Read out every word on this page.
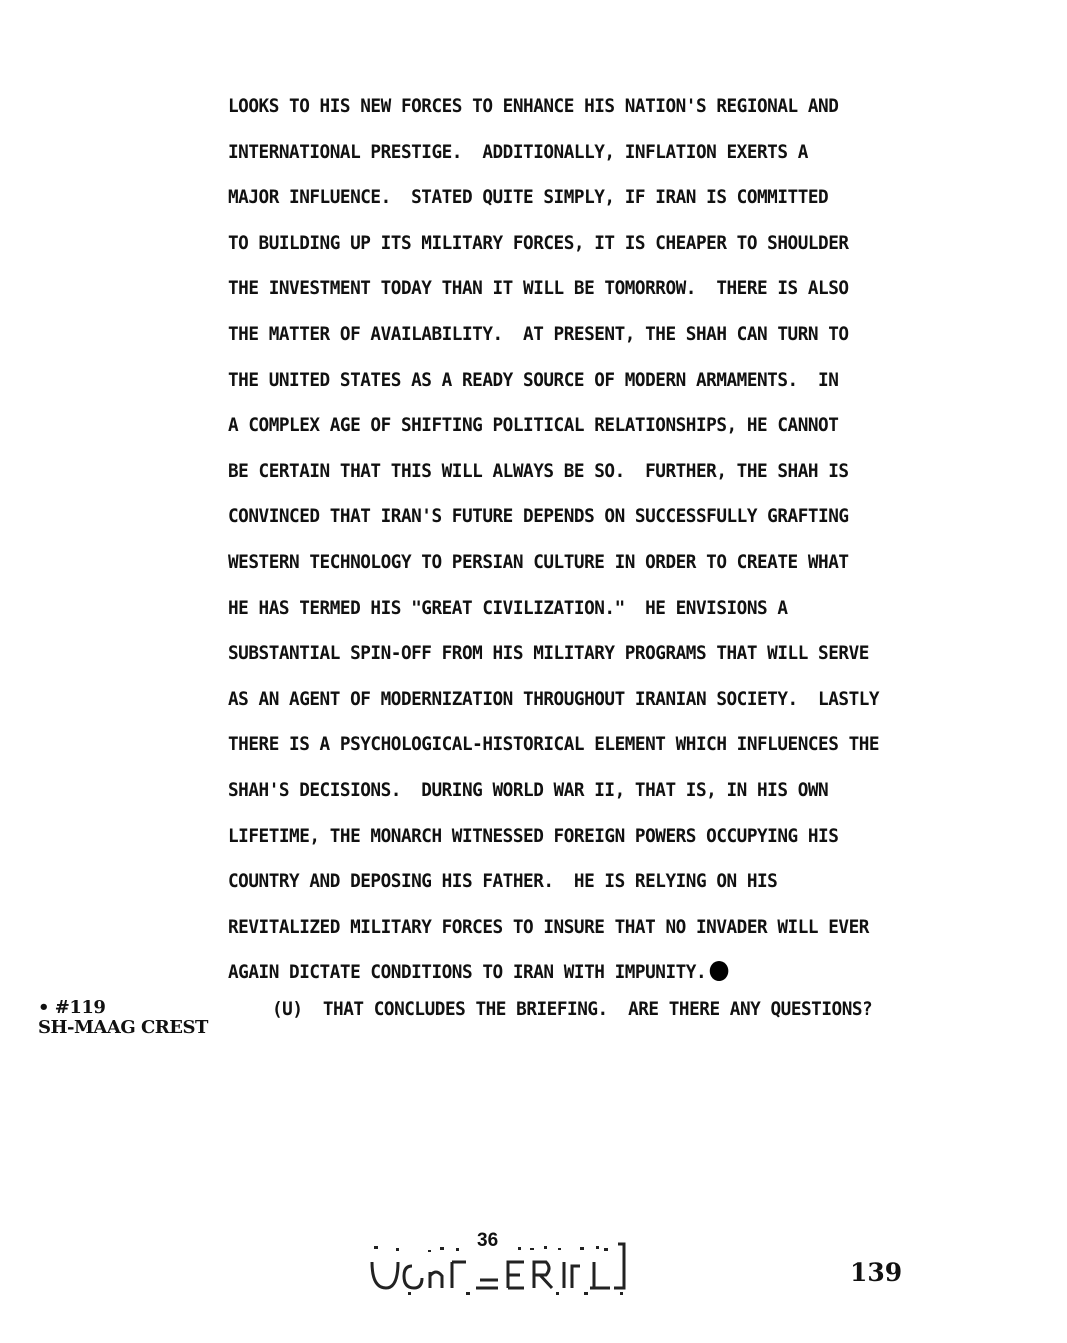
LOOKS TO HIS NEW FORCES TO ENHANCE HIS NATION'S REGIONAL AND
INTERNATIONAL PRESTIGE.  ADDITIONALLY, INFLATION EXERTS A
MAJOR INFLUENCE.  STATED QUITE SIMPLY, IF IRAN IS COMMITTED
TO BUILDING UP ITS MILITARY FORCES, IT IS CHEAPER TO SHOULDER
THE INVESTMENT TODAY THAN IT WILL BE TOMORROW.  THERE IS ALSO
THE MATTER OF AVAILABILITY.  AT PRESENT, THE SHAH CAN TURN TO
THE UNITED STATES AS A READY SOURCE OF MODERN ARMAMENTS.  IN
A COMPLEX AGE OF SHIFTING POLITICAL RELATIONSHIPS, HE CANNOT
BE CERTAIN THAT THIS WILL ALWAYS BE SO.  FURTHER, THE SHAH IS
CONVINCED THAT IRAN'S FUTURE DEPENDS ON SUCCESSFULLY GRAFTING
WESTERN TECHNOLOGY TO PERSIAN CULTURE IN ORDER TO CREATE WHAT
HE HAS TERMED HIS "GREAT CIVILIZATION."  HE ENVISIONS A
SUBSTANTIAL SPIN-OFF FROM HIS MILITARY PROGRAMS THAT WILL SERVE
AS AN AGENT OF MODERNIZATION THROUGHOUT IRANIAN SOCIETY.  LASTLY
THERE IS A PSYCHOLOGICAL-HISTORICAL ELEMENT WHICH INFLUENCES THE
SHAH'S DECISIONS.  DURING WORLD WAR II, THAT IS, IN HIS OWN
LIFETIME, THE MONARCH WITNESSED FOREIGN POWERS OCCUPYING HIS
COUNTRY AND DEPOSING HIS FATHER.  HE IS RELYING ON HIS
REVITALIZED MILITARY FORCES TO INSURE THAT NO INVADER WILL EVER
AGAIN DICTATE CONDITIONS TO IRAN WITH IMPUNITY.
• #119
SH-MAAG CREST
(U)  THAT CONCLUDES THE BRIEFING.  ARE THERE ANY QUESTIONS?
36
139
